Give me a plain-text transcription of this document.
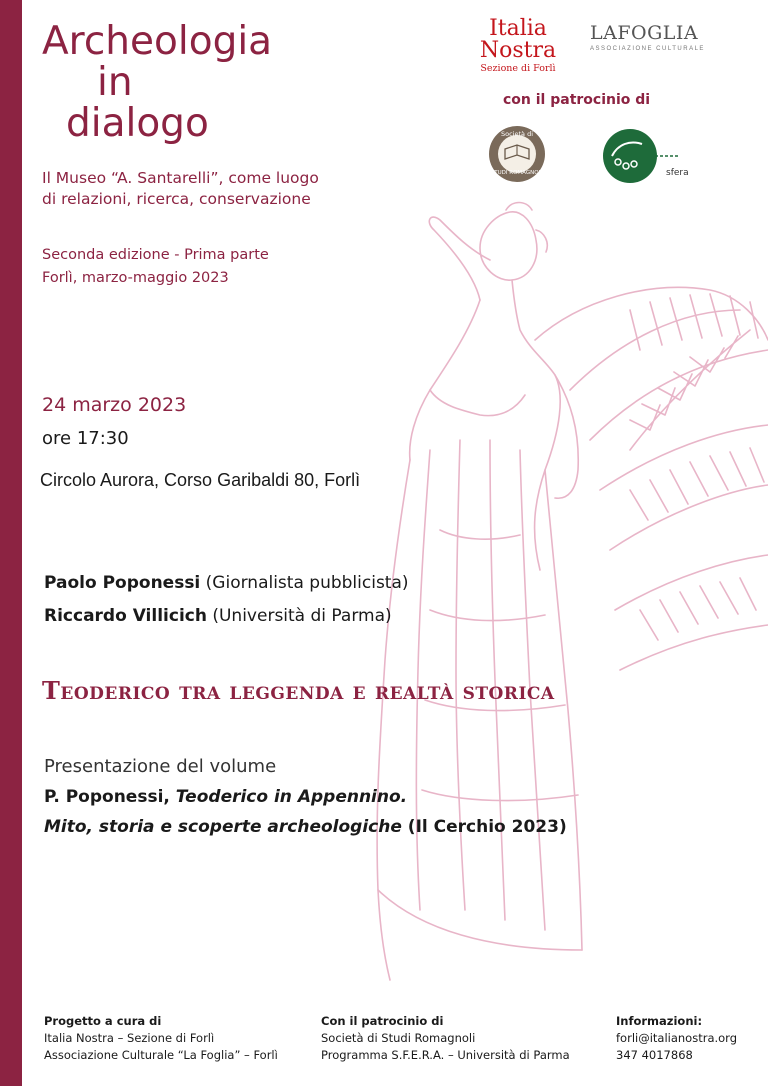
Archeologia
in
dialogo
Il Museo “A. Santarelli”, come luogo
di relazioni, ricerca, conservazione
Seconda edizione - Prima parte
Forlì, marzo-maggio 2023
Italia
Nostra
Sezione di Forlì
LAFOGLIA
ASSOCIAZIONE CULTURALE
con il patrocinio di
Società di
STUDI ROMAGNOLI	sfera
24 marzo 2023
ore 17:30
Circolo Aurora, Corso Garibaldi 80, Forlì
Paolo Poponessi (Giornalista pubblicista)
Riccardo Villicich (Università di Parma)
Teoderico tra leggenda e realtà storica
Presentazione del volume
P. Poponessi, Teoderico in Appennino.
Mito, storia e scoperte archeologiche (Il Cerchio 2023)
Progetto a cura di
Italia Nostra – Sezione di Forlì
Associazione Culturale “La Foglia” – Forlì
Con il patrocinio di
Società di Studi Romagnoli
Programma S.F.E.R.A. – Università di Parma
Informazioni:
forli@italianostra.org
347 4017868
